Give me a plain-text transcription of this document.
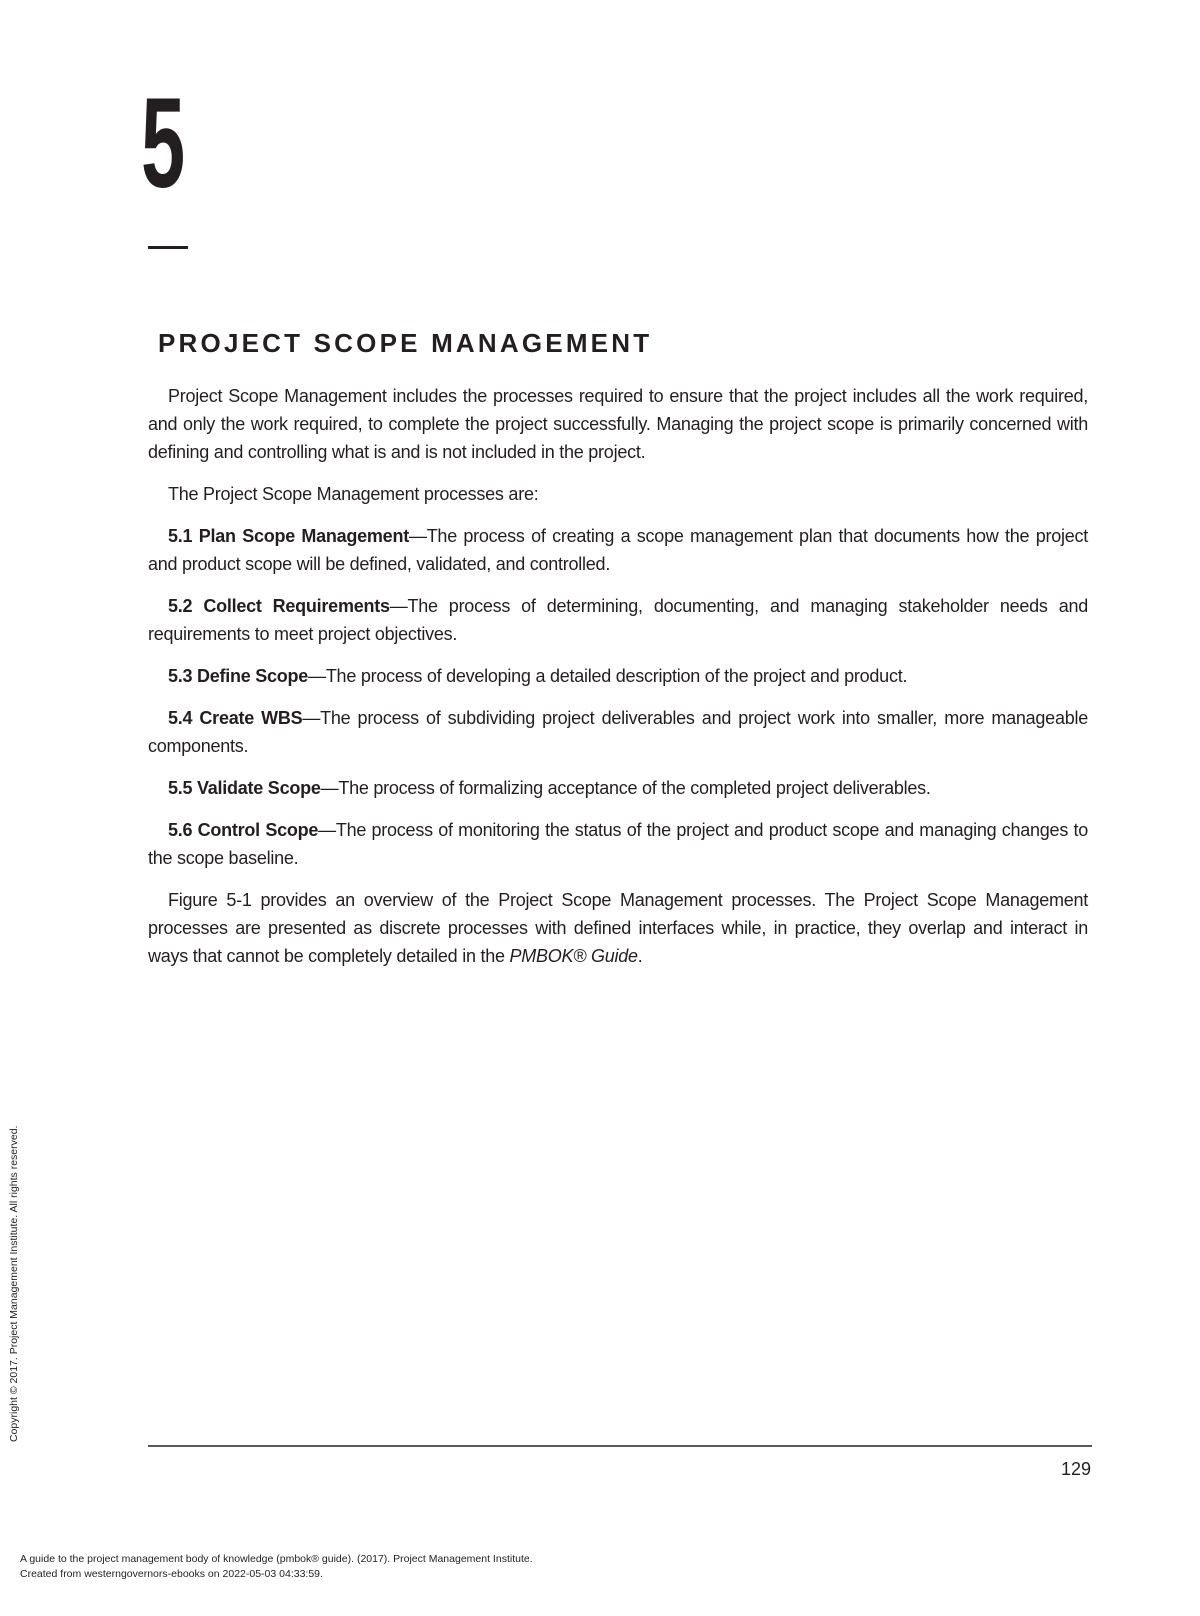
5
PROJECT SCOPE MANAGEMENT

Project Scope Management includes the processes required to ensure that the project includes all the work required, and only the work required, to complete the project successfully. Managing the project scope is primarily concerned with defining and controlling what is and is not included in the project.

The Project Scope Management processes are:

5.1 Plan Scope Management—The process of creating a scope management plan that documents how the project and product scope will be defined, validated, and controlled.

5.2 Collect Requirements—The process of determining, documenting, and managing stakeholder needs and requirements to meet project objectives.

5.3 Define Scope—The process of developing a detailed description of the project and product.

5.4 Create WBS—The process of subdividing project deliverables and project work into smaller, more manageable components.

5.5 Validate Scope—The process of formalizing acceptance of the completed project deliverables.

5.6 Control Scope—The process of monitoring the status of the project and product scope and managing changes to the scope baseline.

Figure 5-1 provides an overview of the Project Scope Management processes. The Project Scope Management processes are presented as discrete processes with defined interfaces while, in practice, they overlap and interact in ways that cannot be completely detailed in the PMBOK® Guide.

129
Copyright © 2017. Project Management Institute. All rights reserved.
A guide to the project management body of knowledge (pmbok® guide). (2017). Project Management Institute.
Created from westerngovernors-ebooks on 2022-05-03 04:33:59.
